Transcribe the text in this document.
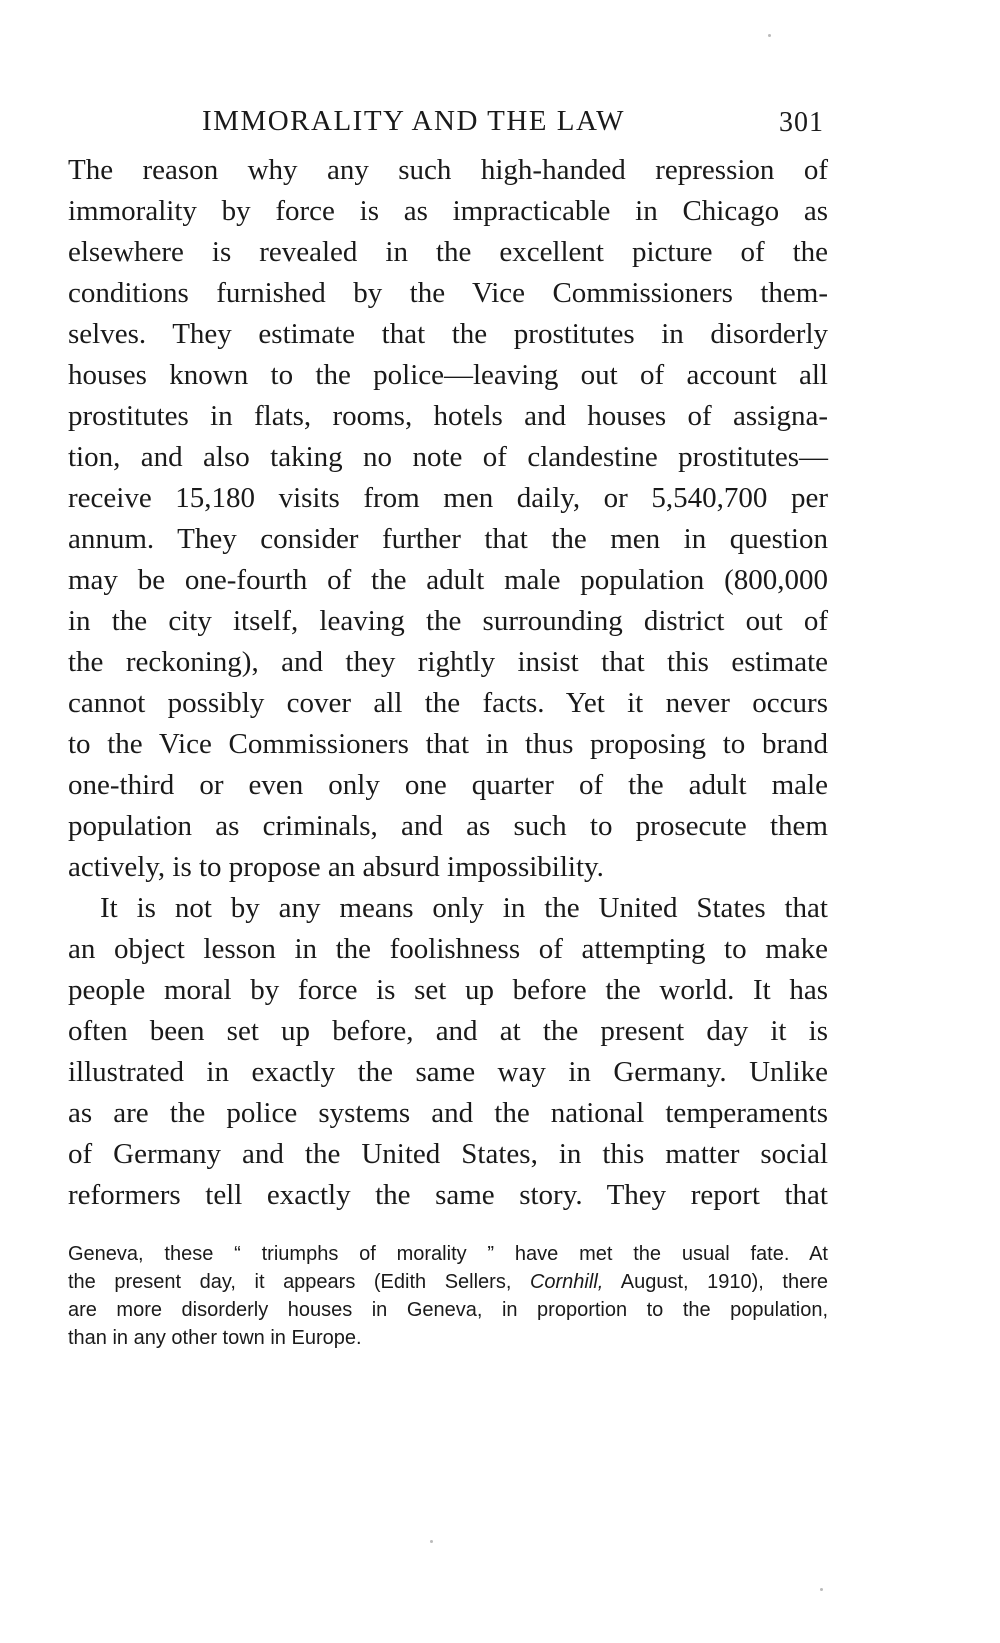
IMMORALITY AND THE LAW	301

The reason why any such high-handed repression of
immorality by force is as impracticable in Chicago as
elsewhere is revealed in the excellent picture of the
conditions furnished by the Vice Commissioners them-
selves. They estimate that the prostitutes in disorderly
houses known to the police—leaving out of account all
prostitutes in flats, rooms, hotels and houses of assigna-
tion, and also taking no note of clandestine prostitutes—
receive 15,180 visits from men daily, or 5,540,700 per
annum. They consider further that the men in question
may be one-fourth of the adult male population (800,000
in the city itself, leaving the surrounding district out of
the reckoning), and they rightly insist that this estimate
cannot possibly cover all the facts. Yet it never occurs
to the Vice Commissioners that in thus proposing to brand
one-third or even only one quarter of the adult male
population as criminals, and as such to prosecute them
actively, is to propose an absurd impossibility.

It is not by any means only in the United States that
an object lesson in the foolishness of attempting to make
people moral by force is set up before the world. It has
often been set up before, and at the present day it is
illustrated in exactly the same way in Germany. Unlike
as are the police systems and the national temperaments
of Germany and the United States, in this matter social
reformers tell exactly the same story. They report that

Geneva, these “ triumphs of morality ” have met the usual fate. At
the present day, it appears (Edith Sellers, Cornhill, August, 1910), there
are more disorderly houses in Geneva, in proportion to the population,
than in any other town in Europe.
